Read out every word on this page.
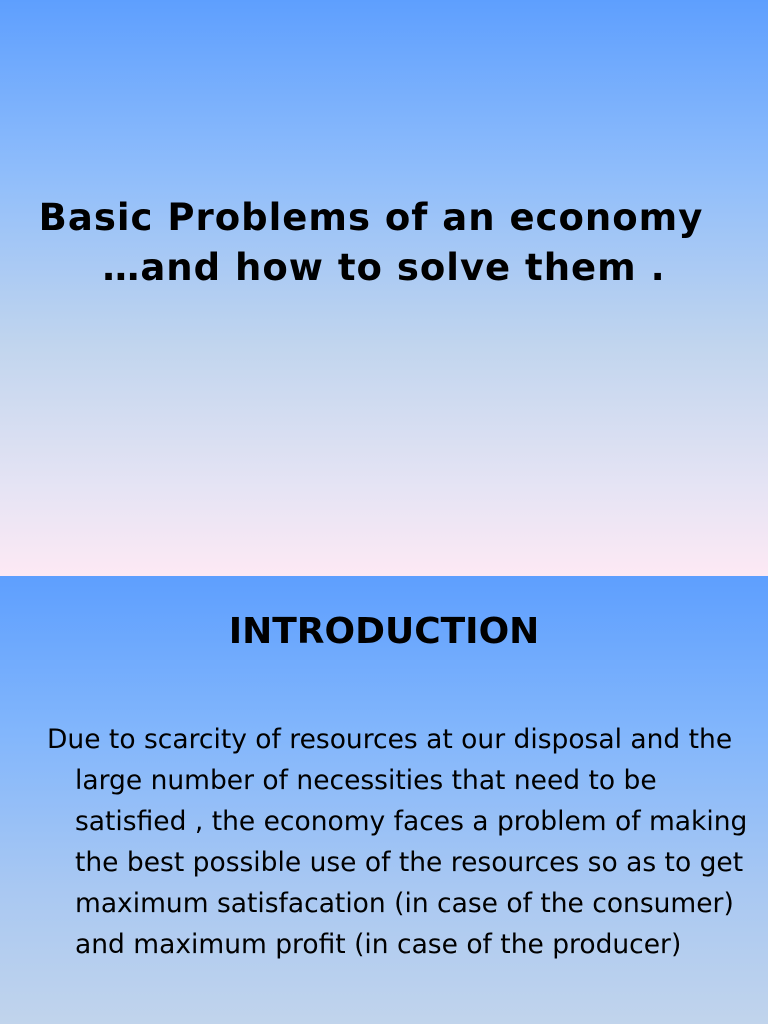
Basic Problems of an economy
…and how to solve them .
INTRODUCTION

Due to scarcity of resources at our disposal and the large number of necessities that need to be satisfied , the economy faces a problem of making the best possible use of the resources so as to get maximum satisfacation (in case of the consumer) and maximum profit (in case of the producer)
